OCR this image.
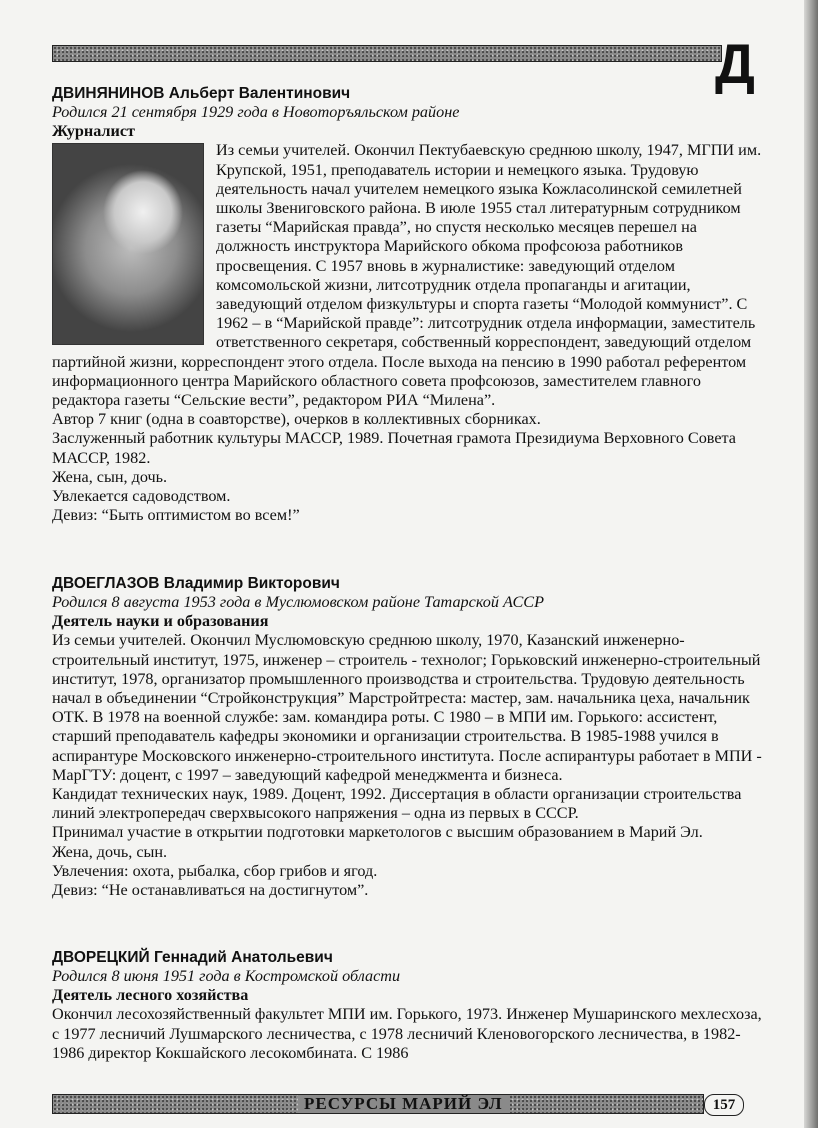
Д
ДВИНЯНИНОВ Альберт Валентинович
Родился 21 сентября 1929 года в Новоторъяльском районе
Журналист

Из семьи учителей. Окончил Пектубаевскую среднюю школу, 1947, МГПИ им. Крупской, 1951, преподаватель истории и немецкого языка. Трудовую деятельность начал учителем немецкого языка Кожласолинской семилетней школы Звениговского района. В июле 1955 стал литературным сотрудником газеты “Марийская правда”, но спустя несколько месяцев перешел на должность инструктора Марийского обкома профсоюза работников просвещения. С 1957 вновь в журналистике: заведующий отделом комсомольской жизни, литсотрудник отдела пропаганды и агитации, заведующий отделом физкультуры и спорта газеты “Молодой коммунист”. С 1962 – в “Марийской правде”: литсотрудник отдела информации, заместитель ответственного секретаря, собственный корреспондент, заведующий отделом партийной жизни, корреспондент этого отдела. После выхода на пенсию в 1990 работал референтом информационного центра Марийского областного совета профсоюзов, заместителем главного редактора газеты “Сельские вести”, редактором РИА “Милена”.

Автор 7 книг (одна в соавторстве), очерков в коллективных сборниках.

Заслуженный работник культуры МАССР, 1989. Почетная грамота Президиума Верховного Совета МАССР, 1982.

Жена, сын, дочь.

Увлекается садоводством.

Девиз: “Быть оптимистом во всем!”

ДВОЕГЛАЗОВ Владимир Викторович
Родился 8 августа 1953 года в Муслюмовском районе Татарской АССР
Деятель науки и образования

Из семьи учителей. Окончил Муслюмовскую среднюю школу, 1970, Казанский инженерно-строительный институт, 1975, инженер – строитель - технолог; Горьковский инженерно-строительный институт, 1978, организатор промышленного производства и строительства. Трудовую деятельность начал в объединении “Стройконструкция” Марстройтреста: мастер, зам. начальника цеха, начальник ОТК. В 1978 на военной службе: зам. командира роты. С 1980 – в МПИ им. Горького: ассистент, старший преподаватель кафедры экономики и организации строительства. В 1985-1988 учился в аспирантуре Московского инженерно-строительного института. После аспирантуры работает в МПИ - МарГТУ: доцент, с 1997 – заведующий кафедрой менеджмента и бизнеса.

Кандидат технических наук, 1989. Доцент, 1992. Диссертация в области организации строительства линий электропередач сверхвысокого напряжения – одна из первых в СССР.

Принимал участие в открытии подготовки маркетологов с высшим образованием в Марий Эл.

Жена, дочь, сын.

Увлечения: охота, рыбалка, сбор грибов и ягод.

Девиз: “Не останавливаться на достигнутом”.

ДВОРЕЦКИЙ Геннадий Анатольевич
Родился 8 июня 1951 года в Костромской области
Деятель лесного хозяйства

Окончил лесохозяйственный факультет МПИ им. Горького, 1973. Инженер Мушаринского мехлесхоза, с 1977 лесничий Лушмарского лесничества, с 1978 лесничий Кленовогорского лесничества, в 1982-1986 директор Кокшайского лесокомбината. С 1986

РЕСУРСЫ МАРИЙ ЭЛ	157
